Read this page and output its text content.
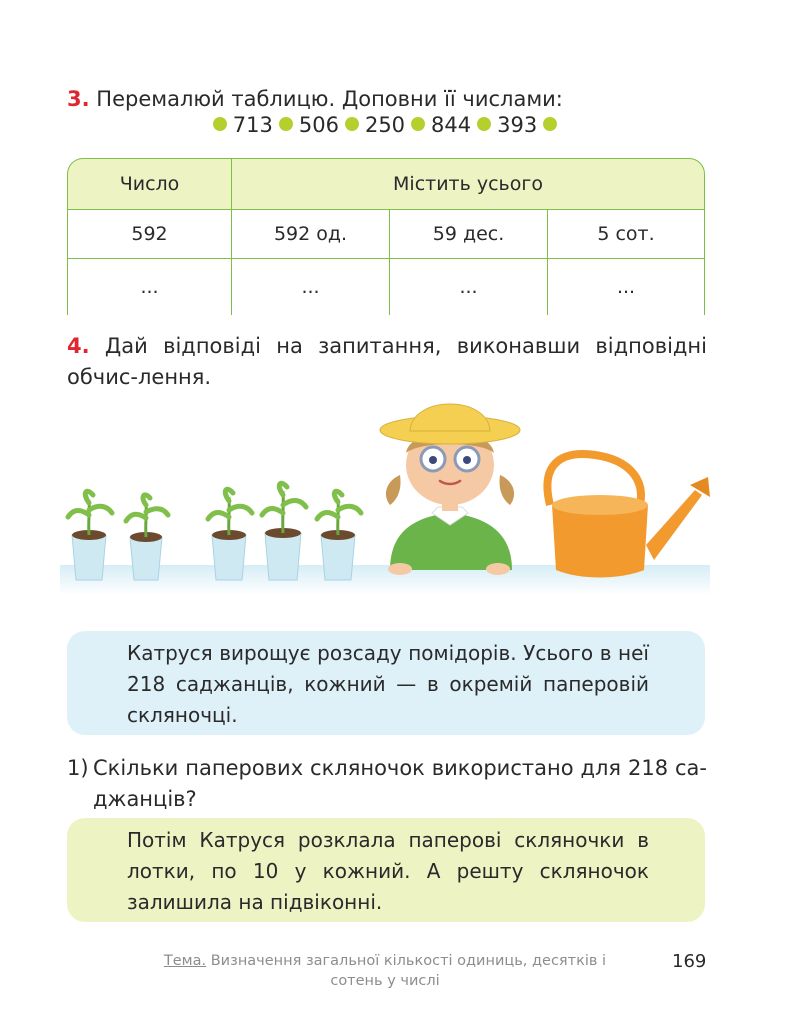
3. Перемалюй таблицю. Доповни її числами:
713 506 250 844 393
Число	Містить усього		
592	592 од.	59 дес.	5 сот.
...	...	...	...
4. Дай відповіді на запитання, виконавши відповідні обчис-лення.

Катруся вирощує розсаду помідорів. Усього в неї 218 саджанців, кожний — в окремій паперовій скляночці.

1) Скільки паперових скляночок використано для 218 са-джанців?

Потім Катруся розклала паперові скляночки в лотки, по 10 у кожний. А решту скляночок залишила на підвіконні.

Тема. Визначення загальної кількості одиниць, десятків і сотень у числі
169
